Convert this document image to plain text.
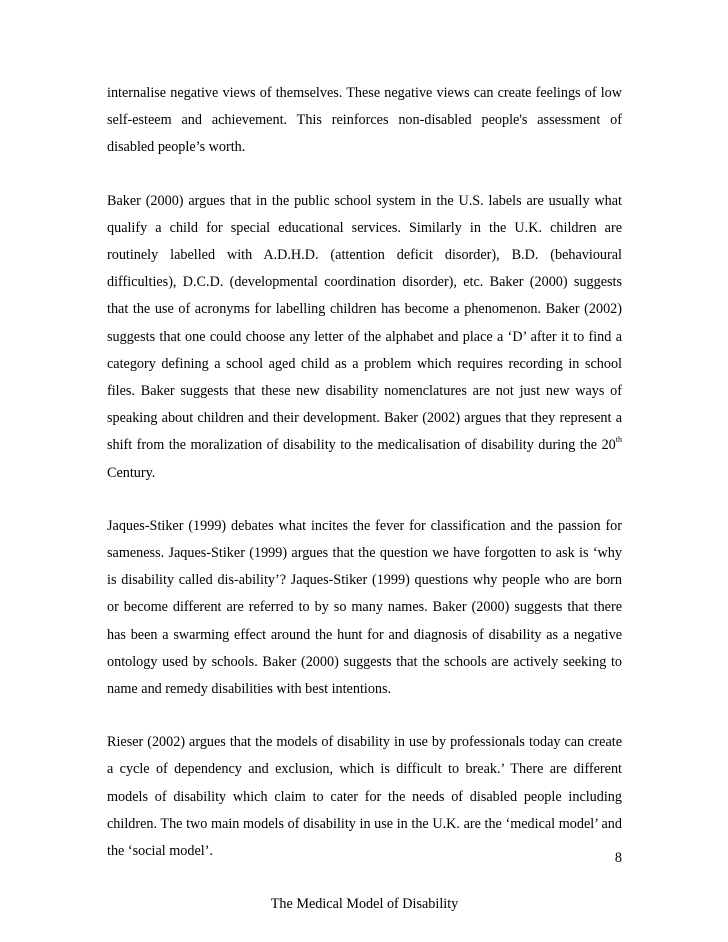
internalise negative views of themselves. These negative views can create feelings of low self-esteem and achievement. This reinforces non-disabled people's assessment of disabled people’s worth.

Baker (2000) argues that in the public school system in the U.S. labels are usually what qualify a child for special educational services. Similarly in the U.K. children are routinely labelled with A.D.H.D. (attention deficit disorder), B.D. (behavioural difficulties), D.C.D. (developmental coordination disorder), etc. Baker (2000) suggests that the use of acronyms for labelling children has become a phenomenon. Baker (2002) suggests that one could choose any letter of the alphabet and place a ‘D’ after it to find a category defining a school aged child as a problem which requires recording in school files. Baker suggests that these new disability nomenclatures are not just new ways of speaking about children and their development. Baker (2002) argues that they represent a shift from the moralization of disability to the medicalisation of disability during the 20th Century.

Jaques-Stiker (1999) debates what incites the fever for classification and the passion for sameness. Jaques-Stiker (1999) argues that the question we have forgotten to ask is ‘why is disability called dis-ability’? Jaques-Stiker (1999) questions why people who are born or become different are referred to by so many names. Baker (2000) suggests that there has been a swarming effect around the hunt for and diagnosis of disability as a negative ontology used by schools. Baker (2000) suggests that the schools are actively seeking to name and remedy disabilities with best intentions.

Rieser (2002) argues that the models of disability in use by professionals today can create a cycle of dependency and exclusion, which is difficult to break.’ There are different models of disability which claim to cater for the needs of disabled people including children. The two main models of disability in use in the U.K. are the ‘medical model’ and the ‘social model’.

The Medical Model of Disability
8
